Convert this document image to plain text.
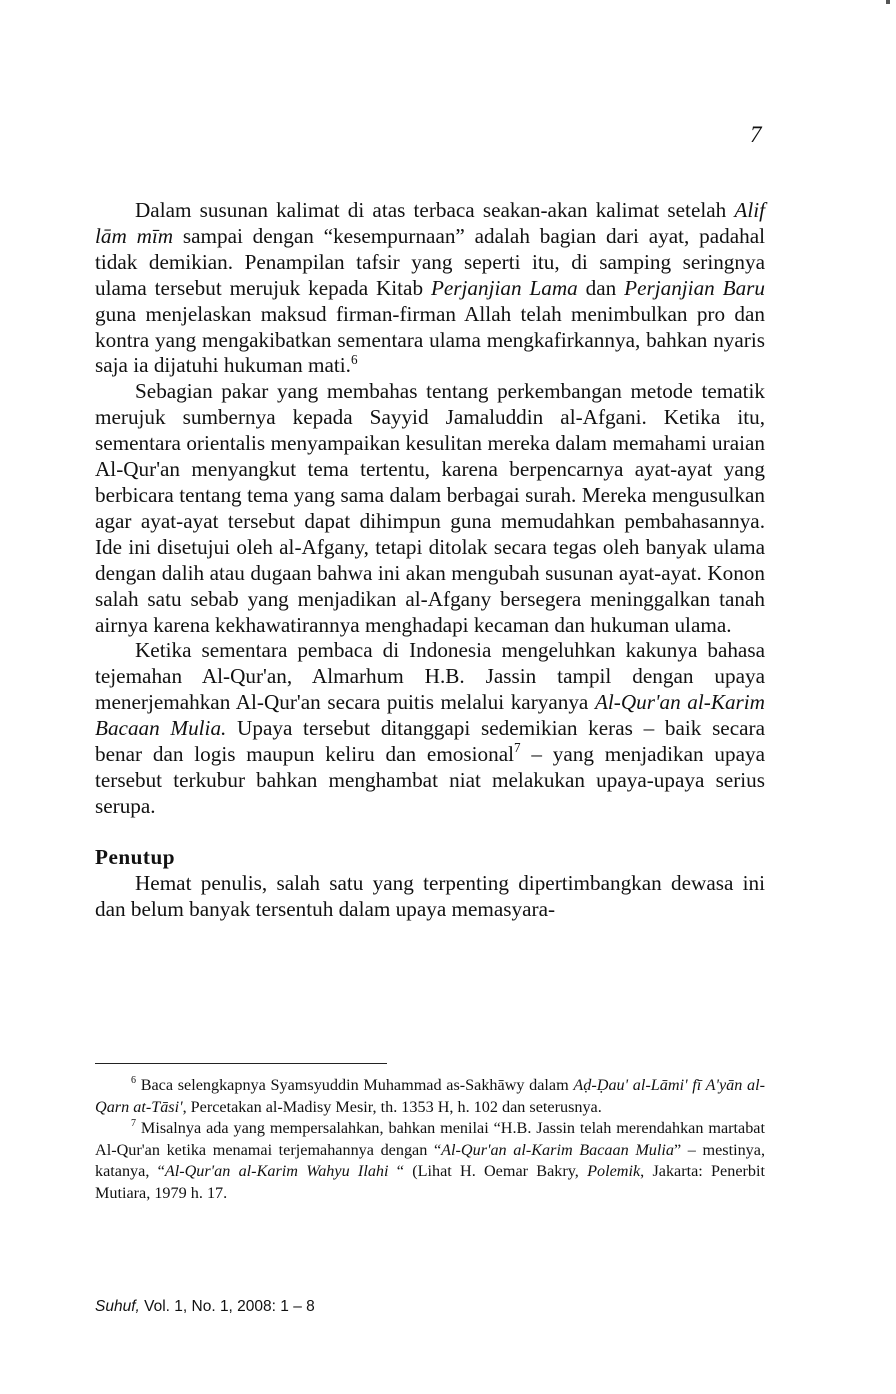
7

Dalam susunan kalimat di atas terbaca seakan-akan kalimat setelah Alif lām mīm sampai dengan “kesempurnaan” adalah bagian dari ayat, padahal tidak demikian. Penampilan tafsir yang seperti itu, di samping seringnya ulama tersebut merujuk kepada Kitab Perjanjian Lama dan Perjanjian Baru guna menjelaskan maksud firman-firman Allah telah menimbulkan pro dan kontra yang mengakibatkan sementara ulama mengkafirkannya, bahkan nyaris saja ia dijatuhi hukuman mati.$^6$

Sebagian pakar yang membahas tentang perkembangan metode tematik merujuk sumbernya kepada Sayyid Jamaluddin al-Afgani. Ketika itu, sementara orientalis menyampaikan kesulitan mereka dalam memahami uraian Al-Qur'an menyangkut tema tertentu, karena berpencarnya ayat-ayat yang berbicara tentang tema yang sama dalam berbagai surah. Mereka mengusulkan agar ayat-ayat tersebut dapat dihimpun guna memudahkan pembahasannya. Ide ini disetujui oleh al-Afgany, tetapi ditolak secara tegas oleh banyak ulama dengan dalih atau dugaan bahwa ini akan mengubah susunan ayat-ayat. Konon salah satu sebab yang menjadikan al-Afgany bersegera meninggalkan tanah airnya karena kekhawatirannya menghadapi kecaman dan hukuman ulama.

Ketika sementara pembaca di Indonesia mengeluhkan kakunya bahasa tejemahan Al-Qur'an, Almarhum H.B. Jassin tampil dengan upaya menerjemahkan Al-Qur'an secara puitis melalui karyanya Al-Qur'an al-Karim Bacaan Mulia. Upaya tersebut ditanggapi sedemikian keras – baik secara benar dan logis maupun keliru dan emosional$^7$ – yang menjadikan upaya tersebut terkubur bahkan menghambat niat melakukan upaya-upaya serius serupa.

Penutup

Hemat penulis, salah satu yang terpenting dipertimbangkan dewasa ini dan belum banyak tersentuh dalam upaya memasyara-

$^6$ Baca selengkapnya Syamsyuddin Muhammad as-Sakhāwy dalam Aḍ-Ḍau' al-Lāmi' fī A'yān al-Qarn at-Tāsi', Percetakan al-Madisy Mesir, th. 1353 H, h. 102 dan seterusnya.

$^7$ Misalnya ada yang mempersalahkan, bahkan menilai “H.B. Jassin telah merendahkan martabat Al-Qur'an ketika menamai terjemahannya dengan “Al-Qur'an al-Karim Bacaan Mulia” – mestinya, katanya, “Al-Qur'an al-Karim Wahyu Ilahi “ (Lihat H. Oemar Bakry, Polemik, Jakarta: Penerbit Mutiara, 1979 h. 17.

Suhuf, Vol. 1, No. 1, 2008: 1 – 8
